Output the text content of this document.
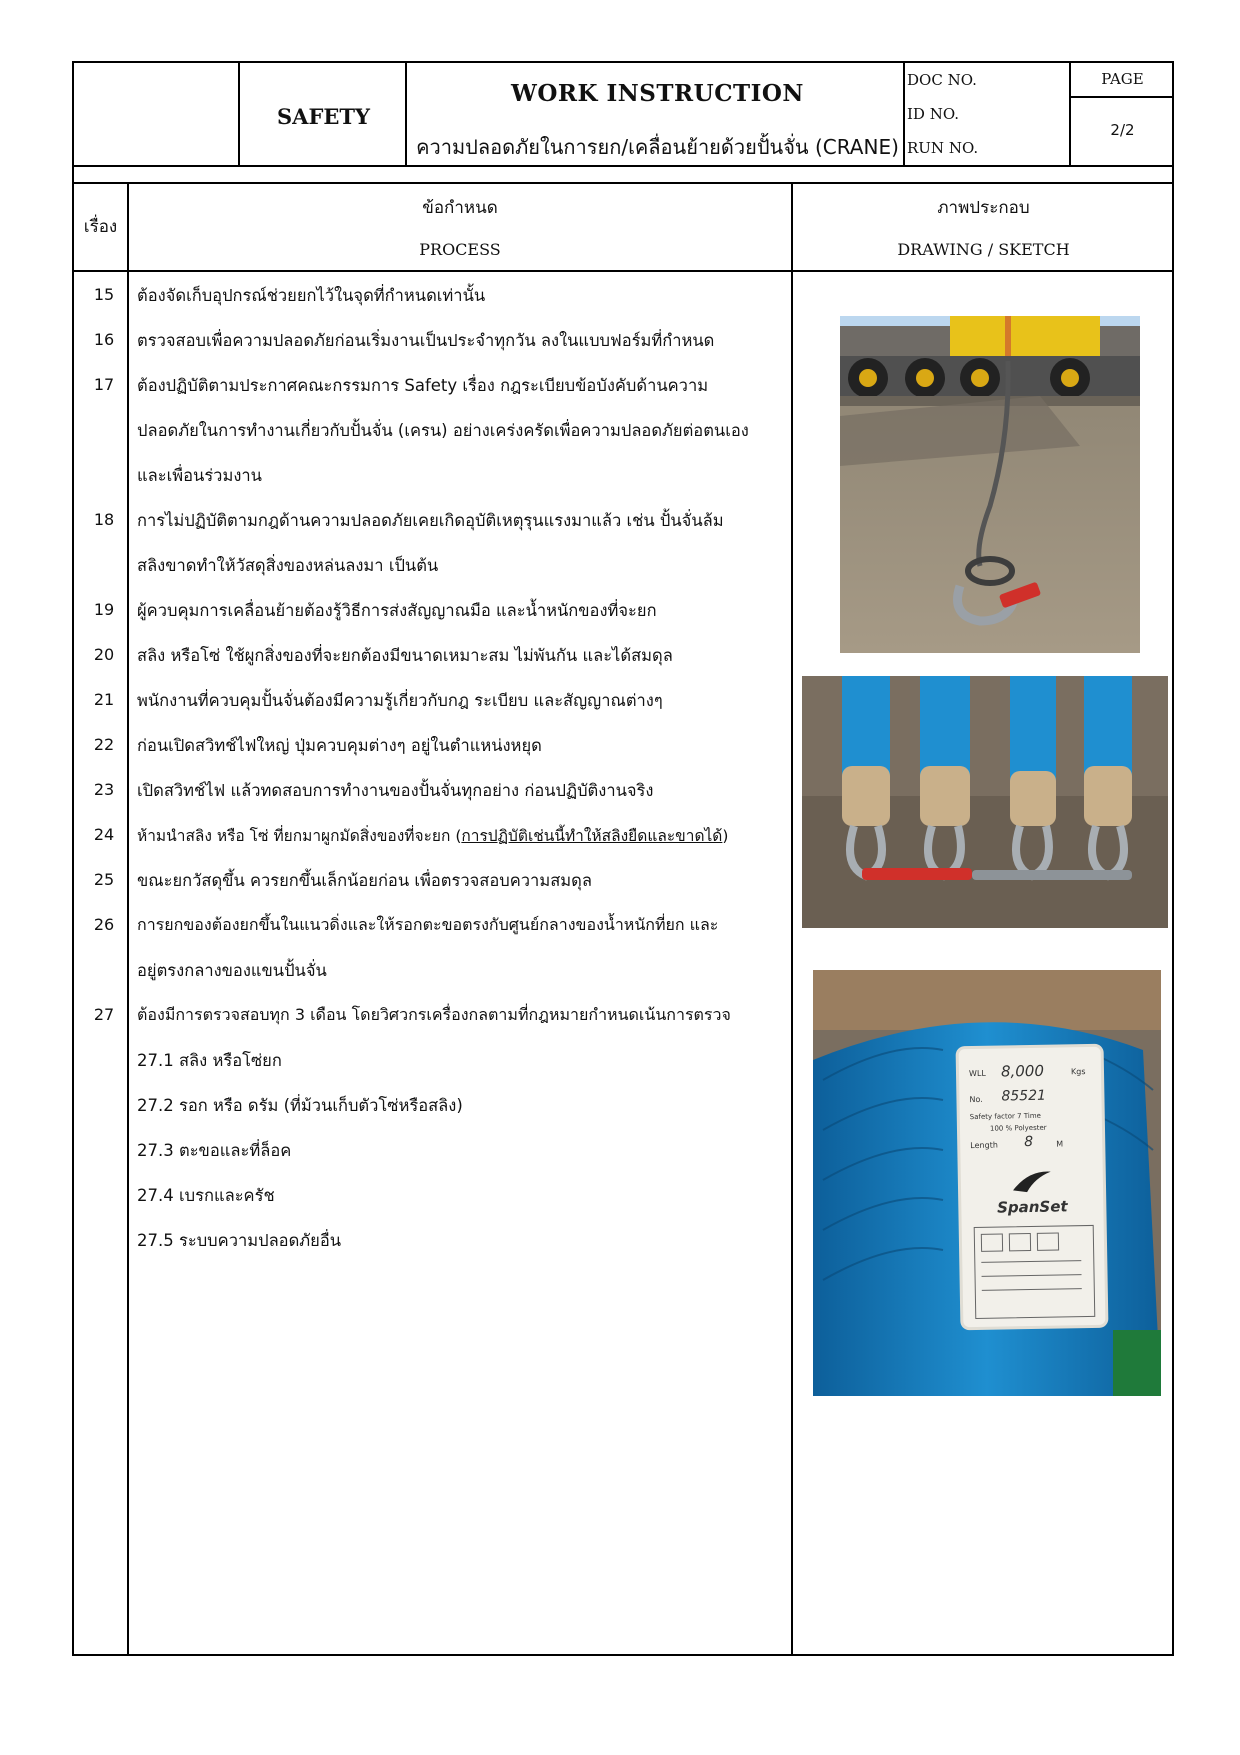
SAFETY
WORK INSTRUCTION
ความปลอดภัยในการยก/เคลื่อนย้ายด้วยปั้นจั่น (CRANE)
DOC NO.
ID NO.
RUN NO.
PAGE
2/2
เรื่อง
ข้อกำหนด
PROCESS
ภาพประกอบ
DRAWING / SKETCH
15	ต้องจัดเก็บอุปกรณ์ช่วยยกไว้ในจุดที่กำหนดเท่านั้น
16	ตรวจสอบเพื่อความปลอดภัยก่อนเริ่มงานเป็นประจำทุกวัน ลงในแบบฟอร์มที่กำหนด
17	ต้องปฏิบัติตามประกาศคณะกรรมการ Safety เรื่อง กฎระเบียบข้อบังคับด้านความ
ปลอดภัยในการทำงานเกี่ยวกับปั้นจั่น (เครน) อย่างเคร่งครัดเพื่อความปลอดภัยต่อตนเอง
และเพื่อนร่วมงาน
18	การไม่ปฏิบัติตามกฎด้านความปลอดภัยเคยเกิดอุบัติเหตุรุนแรงมาแล้ว เช่น ปั้นจั่นล้ม
สลิงขาดทำให้วัสดุสิ่งของหล่นลงมา เป็นต้น
19	ผู้ควบคุมการเคลื่อนย้ายต้องรู้วิธีการส่งสัญญาณมือ และน้ำหนักของที่จะยก
20	สลิง หรือโซ่ ใช้ผูกสิ่งของที่จะยกต้องมีขนาดเหมาะสม ไม่พันกัน และได้สมดุล
21	พนักงานที่ควบคุมปั้นจั่นต้องมีความรู้เกี่ยวกับกฎ ระเบียบ และสัญญาณต่างๆ
22	ก่อนเปิดสวิทช์ไฟใหญ่ ปุ่มควบคุมต่างๆ อยู่ในตำแหน่งหยุด
23	เปิดสวิทช์ไฟ แล้วทดสอบการทำงานของปั้นจั่นทุกอย่าง ก่อนปฏิบัติงานจริง
24	ห้ามนำสลิง หรือ โซ่ ที่ยกมาผูกมัดสิ่งของที่จะยก (การปฏิบัติเช่นนี้ทำให้สลิงยืดและขาดได้)
25	ขณะยกวัสดุขึ้น ควรยกขึ้นเล็กน้อยก่อน เพื่อตรวจสอบความสมดุล
26	การยกของต้องยกขึ้นในแนวดิ่งและให้รอกตะขอตรงกับศูนย์กลางของน้ำหนักที่ยก และ
อยู่ตรงกลางของแขนปั้นจั่น
27	ต้องมีการตรวจสอบทุก 3 เดือน โดยวิศวกรเครื่องกลตามที่กฎหมายกำหนดเน้นการตรวจ
27.1 สลิง หรือโซ่ยก
27.2 รอก หรือ ดรัม (ที่ม้วนเก็บตัวโซ่หรือสลิง)
27.3 ตะขอและที่ล็อค
27.4 เบรกและครัช
27.5 ระบบความปลอดภัยอื่น
WLL 8,000	Kgs
No. 85521
Safety factor 7 Time
100 % Polyester
Length 8	M
SpanSet
